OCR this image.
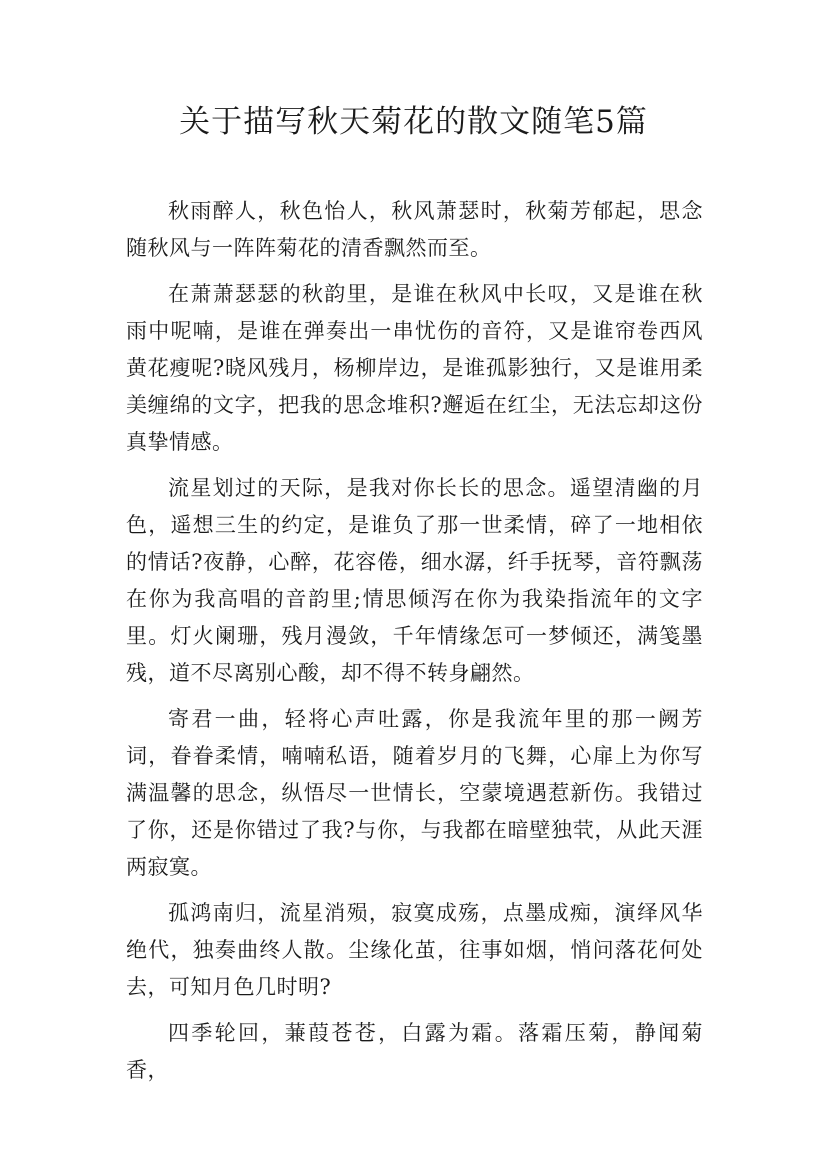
关于描写秋天菊花的散文随笔5篇

秋雨醉人，秋色怡人，秋风萧瑟时，秋菊芳郁起，思念随秋风与一阵阵菊花的清香飘然而至。

在萧萧瑟瑟的秋韵里，是谁在秋风中长叹，又是谁在秋雨中呢喃，是谁在弹奏出一串忧伤的音符，又是谁帘卷西风黄花瘦呢?晓风残月，杨柳岸边，是谁孤影独行，又是谁用柔美缠绵的文字，把我的思念堆积?邂逅在红尘，无法忘却这份真挚情感。

流星划过的天际，是我对你长长的思念。遥望清幽的月色，遥想三生的约定，是谁负了那一世柔情，碎了一地相依的情话?夜静，心醉，花容倦，细水潺，纤手抚琴，音符飘荡在你为我高唱的音韵里;情思倾泻在你为我染指流年的文字里。灯火阑珊，残月漫敛，千年情缘怎可一梦倾还，满笺墨残，道不尽离别心酸，却不得不转身翩然。

寄君一曲，轻将心声吐露，你是我流年里的那一阙芳词，眷眷柔情，喃喃私语，随着岁月的飞舞，心扉上为你写满温馨的思念，纵悟尽一世情长，空蒙境遇惹新伤。我错过了你，还是你错过了我?与你，与我都在暗壁独茕，从此天涯两寂寞。

孤鸿南归，流星消殒，寂寞成殇，点墨成痴，演绎风华绝代，独奏曲终人散。尘缘化茧，往事如烟，悄问落花何处去，可知月色几时明?

四季轮回，蒹葭苍苍，白露为霜。落霜压菊，静闻菊香，
